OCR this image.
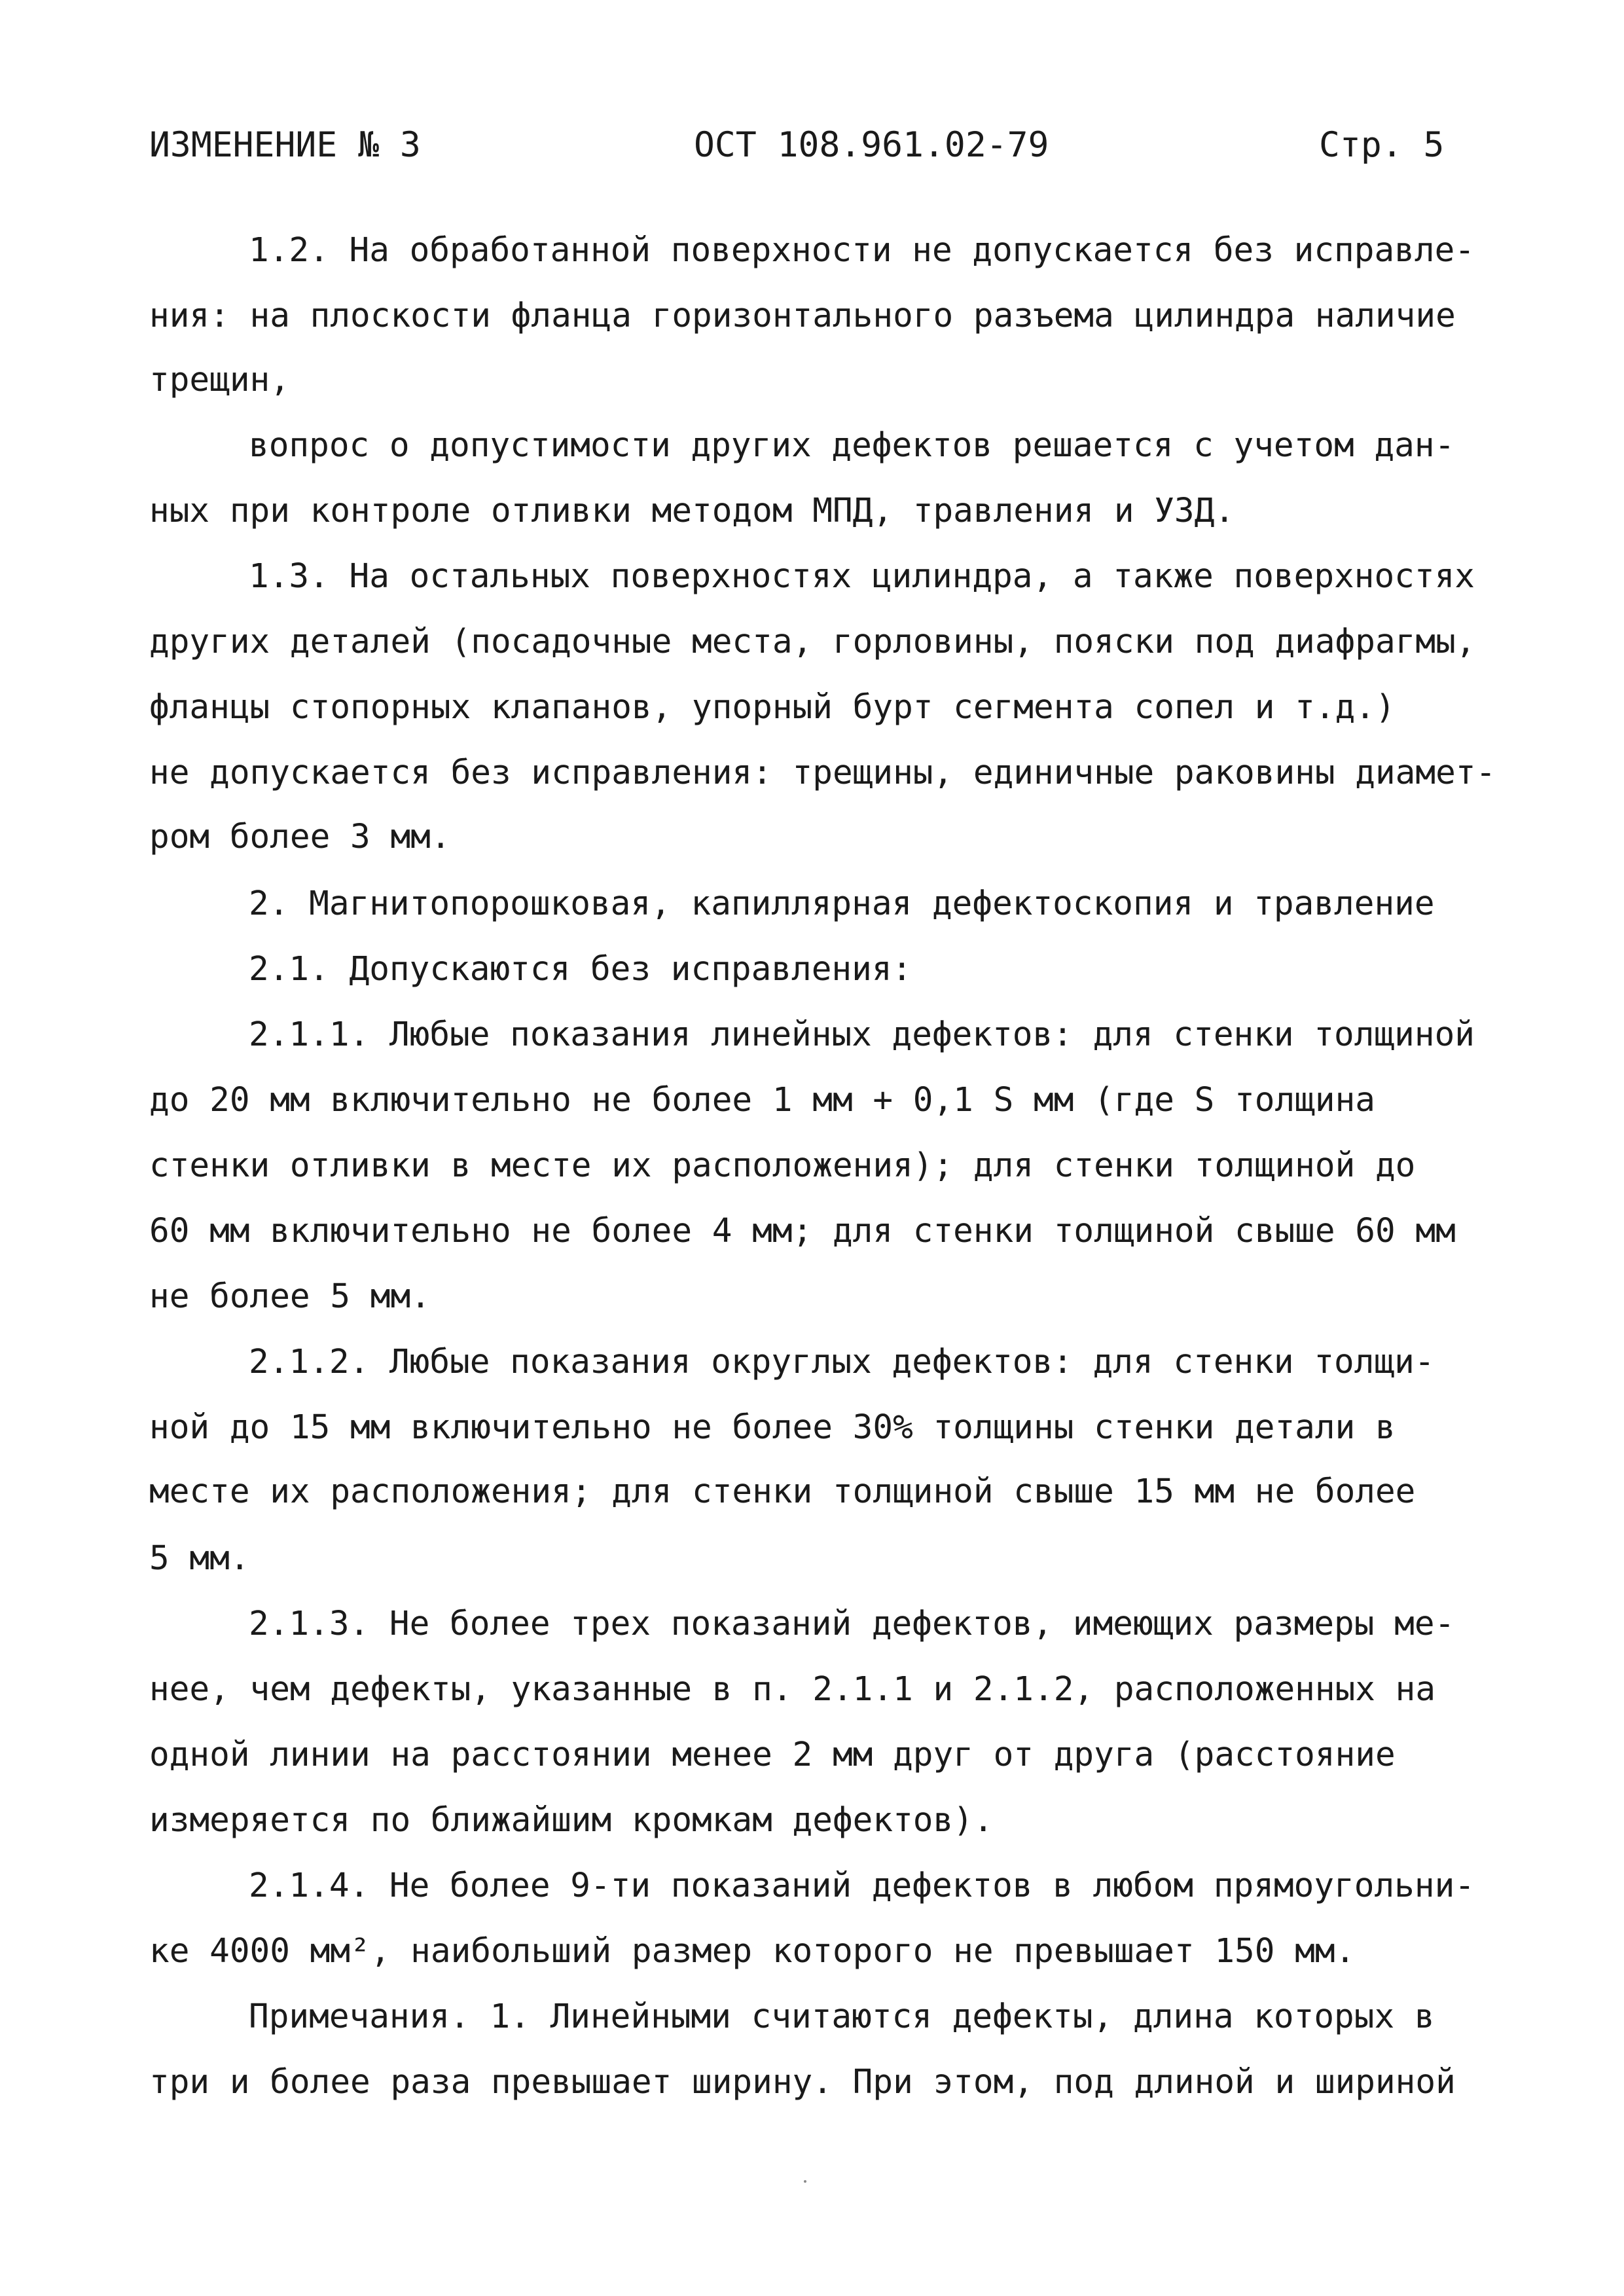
ИЗМЕНЕНИЕ № 3	ОСТ 108.961.02-79	Стр. 5
1.2. На обработанной поверхности не допускается без исправле-
ния: на плоскости фланца горизонтального разъема цилиндра наличие
трещин,
вопрос о допустимости других дефектов решается с учетом дан-
ных при контроле отливки методом МПД, травления и УЗД.
1.3. На остальных поверхностях цилиндра, а также поверхностях
других деталей (посадочные места, горловины, пояски под диафрагмы,
фланцы стопорных клапанов, упорный бурт сегмента сопел и т.д.)
не допускается без исправления: трещины, единичные раковины диамет-
ром более 3 мм.
2. Магнитопорошковая, капиллярная дефектоскопия и травление
2.1. Допускаются без исправления:
2.1.1. Любые показания линейных дефектов: для стенки толщиной
до 20 мм включительно не более 1 мм + 0,1 S мм (где S толщина
стенки отливки в месте их расположения); для стенки толщиной до
60 мм включительно не более 4 мм; для стенки толщиной свыше 60 мм
не более 5 мм.
2.1.2. Любые показания округлых дефектов: для стенки толщи-
ной до 15 мм включительно не более 30% толщины стенки детали в
месте их расположения; для стенки толщиной свыше 15 мм не более
5 мм.
2.1.3. Не более трех показаний дефектов, имеющих размеры ме-
нее, чем дефекты, указанные в п. 2.1.1 и 2.1.2, расположенных на
одной линии на расстоянии менее 2 мм друг от друга (расстояние
измеряется по ближайшим кромкам дефектов).
2.1.4. Не более 9-ти показаний дефектов в любом прямоугольни-
ке 4000 мм², наибольший размер которого не превышает 150 мм.
Примечания. 1. Линейными считаются дефекты, длина которых в
три и более раза превышает ширину. При этом, под длиной и шириной
